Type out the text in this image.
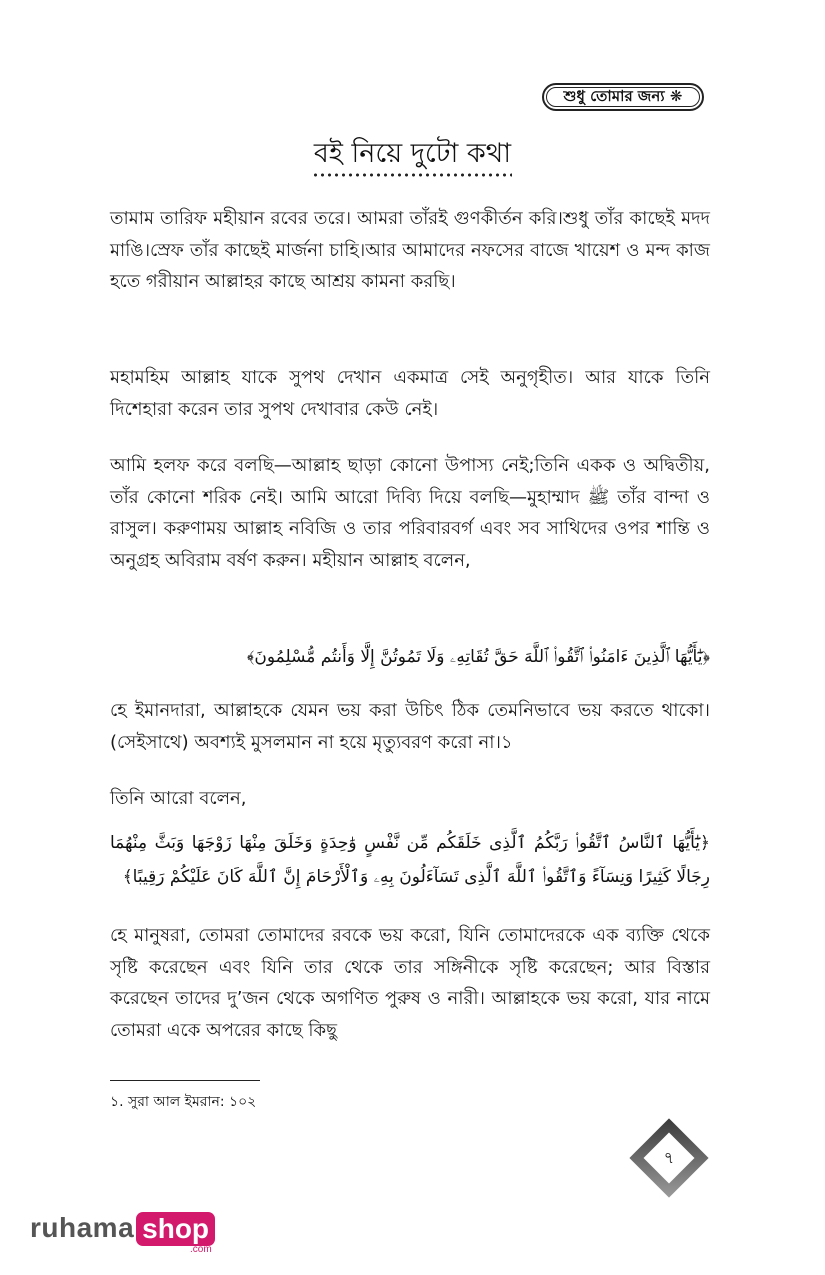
শুধু তোমার জন্য ❋
বই নিয়ে দুটো কথা

তামাম তারিফ মহীয়ান রবের তরে। আমরা তাঁরই গুণকীর্তন করি।শুধু তাঁর কাছেই মদদ মাঙি।স্রেফ তাঁর কাছেই মার্জনা চাহি।আর আমাদের নফসের বাজে খায়েশ ও মন্দ কাজ হতে গরীয়ান আল্লাহর কাছে আশ্রয় কামনা করছি।

মহামহিম আল্লাহ যাকে সুপথ দেখান একমাত্র সেই অনুগৃহীত। আর যাকে তিনি দিশেহারা করেন তার সুপথ দেখাবার কেউ নেই।

আমি হলফ করে বলছি—আল্লাহ ছাড়া কোনো উপাস্য নেই;তিনি একক ও অদ্বিতীয়, তাঁর কোনো শরিক নেই। আমি আরো দিব্যি দিয়ে বলছি—মুহাম্মাদ ﷺ তাঁর বান্দা ও রাসুল। করুণাময় আল্লাহ নবিজি ও তার পরিবারবর্গ এবং সব সাথিদের ওপর শান্তি ও অনুগ্রহ অবিরাম বর্ষণ করুন। মহীয়ান আল্লাহ বলেন,

﴿يَٰٓأَيُّهَا ٱلَّذِينَ ءَامَنُوا۟ ٱتَّقُوا۟ ٱللَّهَ حَقَّ تُقَاتِهِۦ وَلَا تَمُوتُنَّ إِلَّا وَأَنتُم مُّسْلِمُونَ﴾

হে ইমানদারা, আল্লাহকে যেমন ভয় করা উচিৎ ঠিক তেমনিভাবে ভয় করতে থাকো। (সেইসাথে) অবশ্যই মুসলমান না হয়ে মৃত্যুবরণ করো না।১

তিনি আরো বলেন,

﴿يَٰٓأَيُّهَا ٱلنَّاسُ ٱتَّقُوا۟ رَبَّكُمُ ٱلَّذِى خَلَقَكُم مِّن نَّفْسٍ وَٰحِدَةٍ وَخَلَقَ مِنْهَا زَوْجَهَا وَبَثَّ مِنْهُمَا رِجَالًا كَثِيرًا وَنِسَآءً وَٱتَّقُوا۟ ٱللَّهَ ٱلَّذِى تَسَآءَلُونَ بِهِۦ وَٱلْأَرْحَامَ إِنَّ ٱللَّهَ كَانَ عَلَيْكُمْ رَقِيبًا﴾

হে মানুষরা, তোমরা তোমাদের রবকে ভয় করো, যিনি তোমাদেরকে এক ব্যক্তি থেকে সৃষ্টি করেছেন এবং যিনি তার থেকে তার সঙ্গিনীকে সৃষ্টি করেছেন; আর বিস্তার করেছেন তাদের দু’জন থেকে অগণিত পুরুষ ও নারী। আল্লাহকে ভয় করো, যার নামে তোমরা একে অপরের কাছে কিছু

১. সুরা আল ইমরান: ১০২
৭
ruhama shop
.com
